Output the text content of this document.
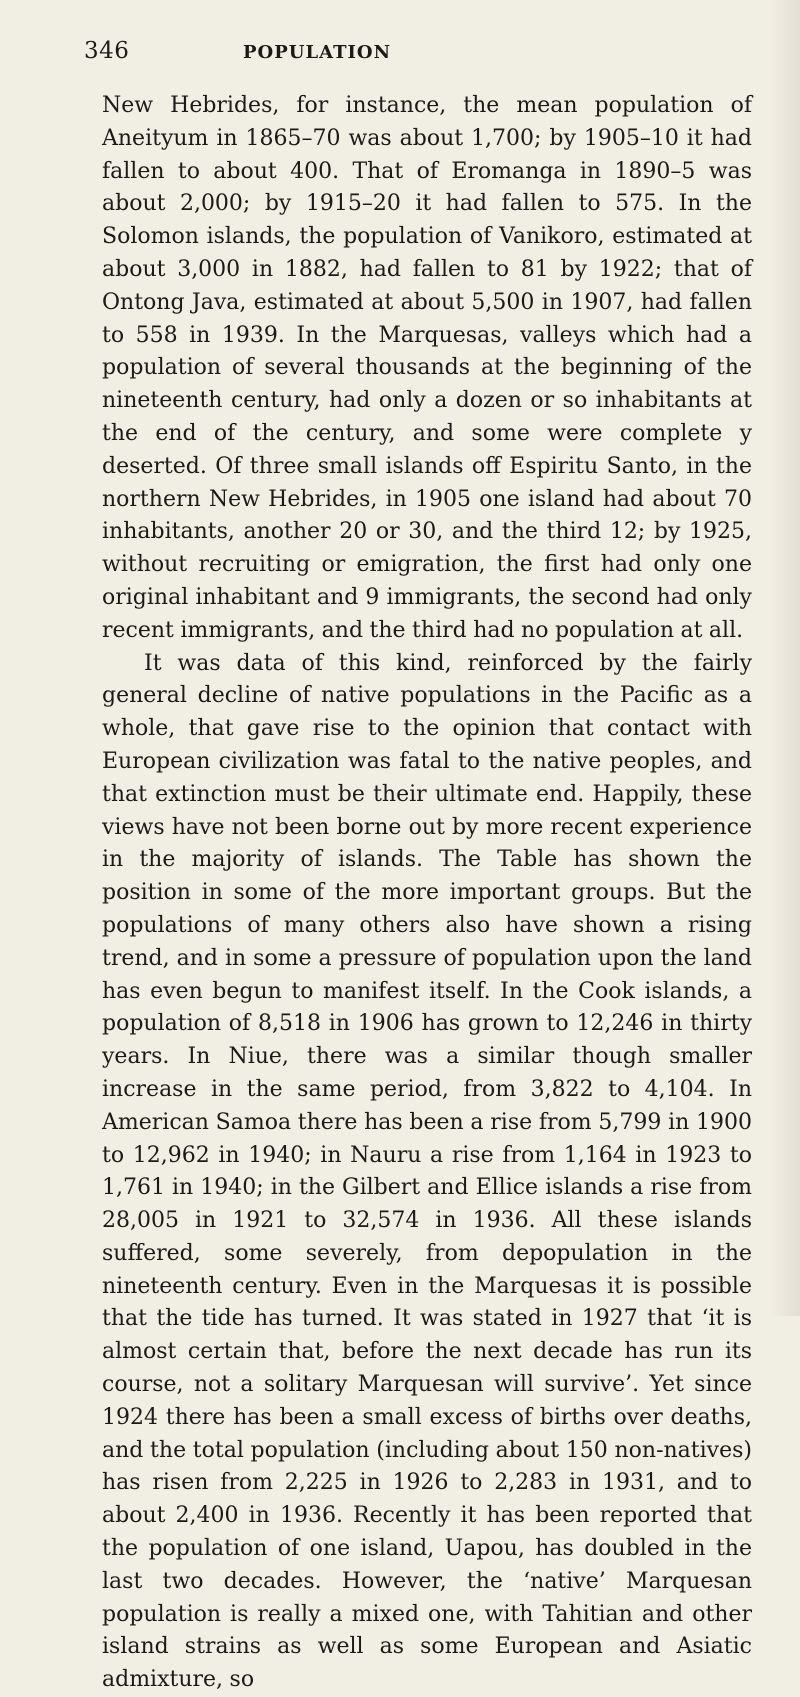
346	POPULATION

New Hebrides, for instance, the mean population of Aneityum in 1865–70 was about 1,700; by 1905–10 it had fallen to about 400. That of Eromanga in 1890–5 was about 2,000; by 1915–20 it had fallen to 575. In the Solomon islands, the population of Vanikoro, estimated at about 3,000 in 1882, had fallen to 81 by 1922; that of Ontong Java, estimated at about 5,500 in 1907, had fallen to 558 in 1939. In the Marquesas, valleys which had a population of several thousands at the beginning of the nineteenth century, had only a dozen or so inhabitants at the end of the century, and some were complete y deserted. Of three small islands off Espiritu Santo, in the northern New Hebrides, in 1905 one island had about 70 inhabitants, another 20 or 30, and the third 12; by 1925, without recruiting or emigration, the first had only one original inhabitant and 9 immigrants, the second had only recent immigrants, and the third had no population at all.

It was data of this kind, reinforced by the fairly general decline of native populations in the Pacific as a whole, that gave rise to the opinion that contact with European civilization was fatal to the native peoples, and that extinction must be their ultimate end. Happily, these views have not been borne out by more recent experience in the majority of islands. The Table has shown the position in some of the more important groups. But the populations of many others also have shown a rising trend, and in some a pressure of population upon the land has even begun to manifest itself. In the Cook islands, a population of 8,518 in 1906 has grown to 12,246 in thirty years. In Niue, there was a similar though smaller increase in the same period, from 3,822 to 4,104. In American Samoa there has been a rise from 5,799 in 1900 to 12,962 in 1940; in Nauru a rise from 1,164 in 1923 to 1,761 in 1940; in the Gilbert and Ellice islands a rise from 28,005 in 1921 to 32,574 in 1936. All these islands suffered, some severely, from depopulation in the nineteenth century. Even in the Marquesas it is possible that the tide has turned. It was stated in 1927 that ‘it is almost certain that, before the next decade has run its course, not a solitary Marquesan will survive’. Yet since 1924 there has been a small excess of births over deaths, and the total population (including about 150 non-natives) has risen from 2,225 in 1926 to 2,283 in 1931, and to about 2,400 in 1936. Recently it has been reported that the population of one island, Uapou, has doubled in the last two decades. However, the ‘native’ Marquesan population is really a mixed one, with Tahitian and other island strains as well as some European and Asiatic admixture, so
